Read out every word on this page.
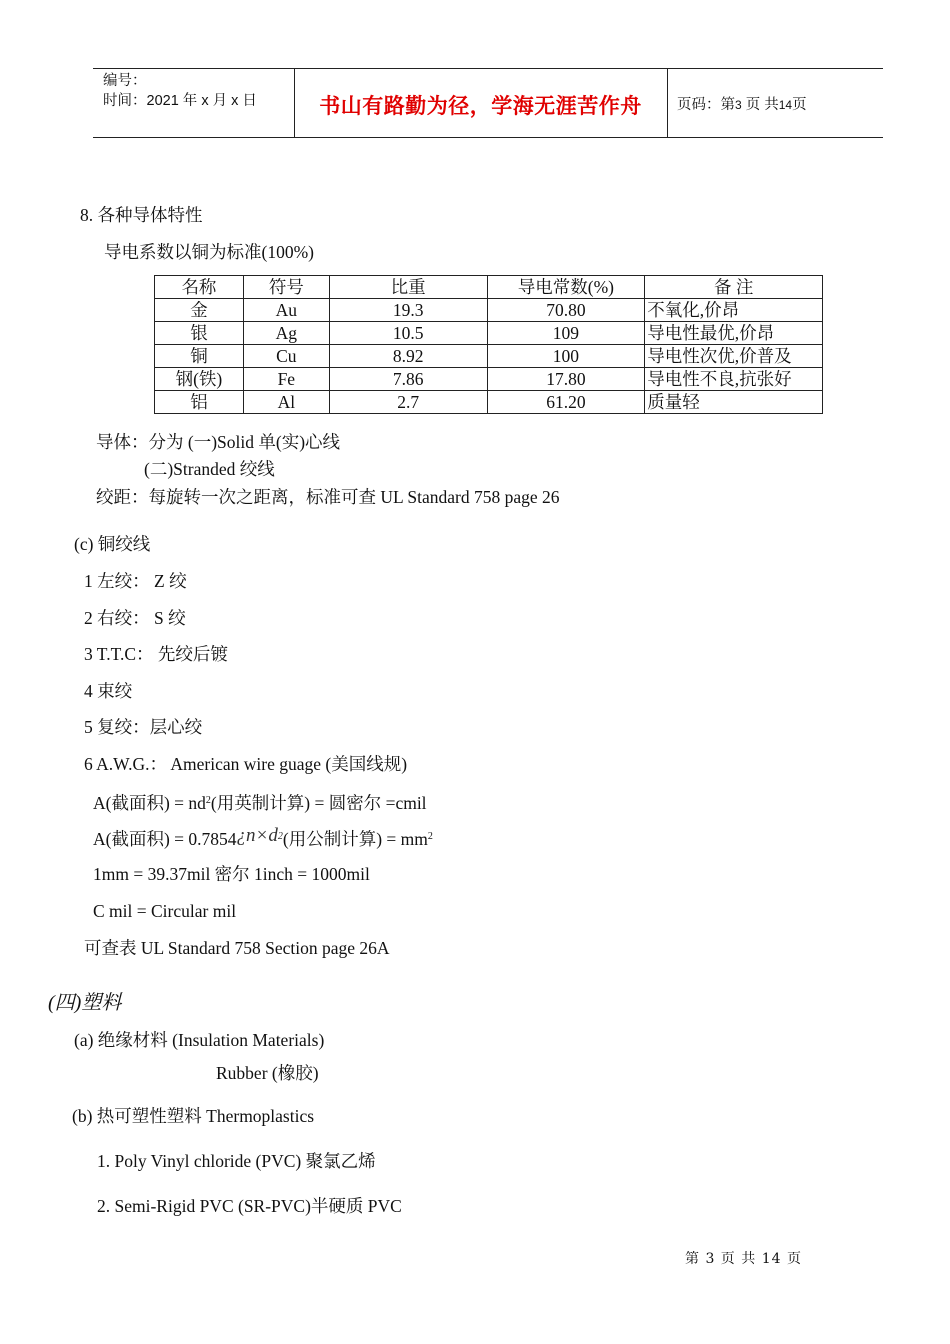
编号：
时间：2021 年 x 月 x 日	书山有路勤为径，学海无涯苦作舟	页码：第3 页 共14页
8. 各种导体特性
导电系数以铜为标准(100%)
名称	符号	比重	导电常数(%)	备 注
金	Au	19.3	70.80	不氧化,价昂
银	Ag	10.5	109	导电性最优,价昂
铜	Cu	8.92	100	导电性次优,价普及
钢(铁)	Fe	7.86	17.80	导电性不良,抗张好
铝	Al	2.7	61.20	质量轻
导体：分为 (一)Solid 单(实)心线
(二)Stranded 绞线
绞距：每旋转一次之距离，标准可查 UL Standard 758 page 26
(c) 铜绞线
1 左绞： Z 绞
2 右绞： S 绞
3 T.T.C： 先绞后镀
4 束绞
5 复绞：层心绞
6 A.W.G.： American wire guage (美国线规)
A(截面积) = $nd^2$(用英制计算) = 圆密尔 =cmil
A(截面积) = $0.7854¿n\times d^2$(用公制计算) = $mm^2$
1mm = 39.37mil 密尔 1inch = 1000mil
C mil = Circular mil
可查表 UL Standard 758 Section page 26A
(四)塑料
(a) 绝缘材料 (Insulation Materials)
Rubber (橡胶)
(b) 热可塑性塑料 Thermoplastics
1. Poly Vinyl chloride (PVC) 聚氯乙烯
2. Semi-Rigid PVC (SR-PVC)半硬质 PVC
第 3 页 共 14 页
